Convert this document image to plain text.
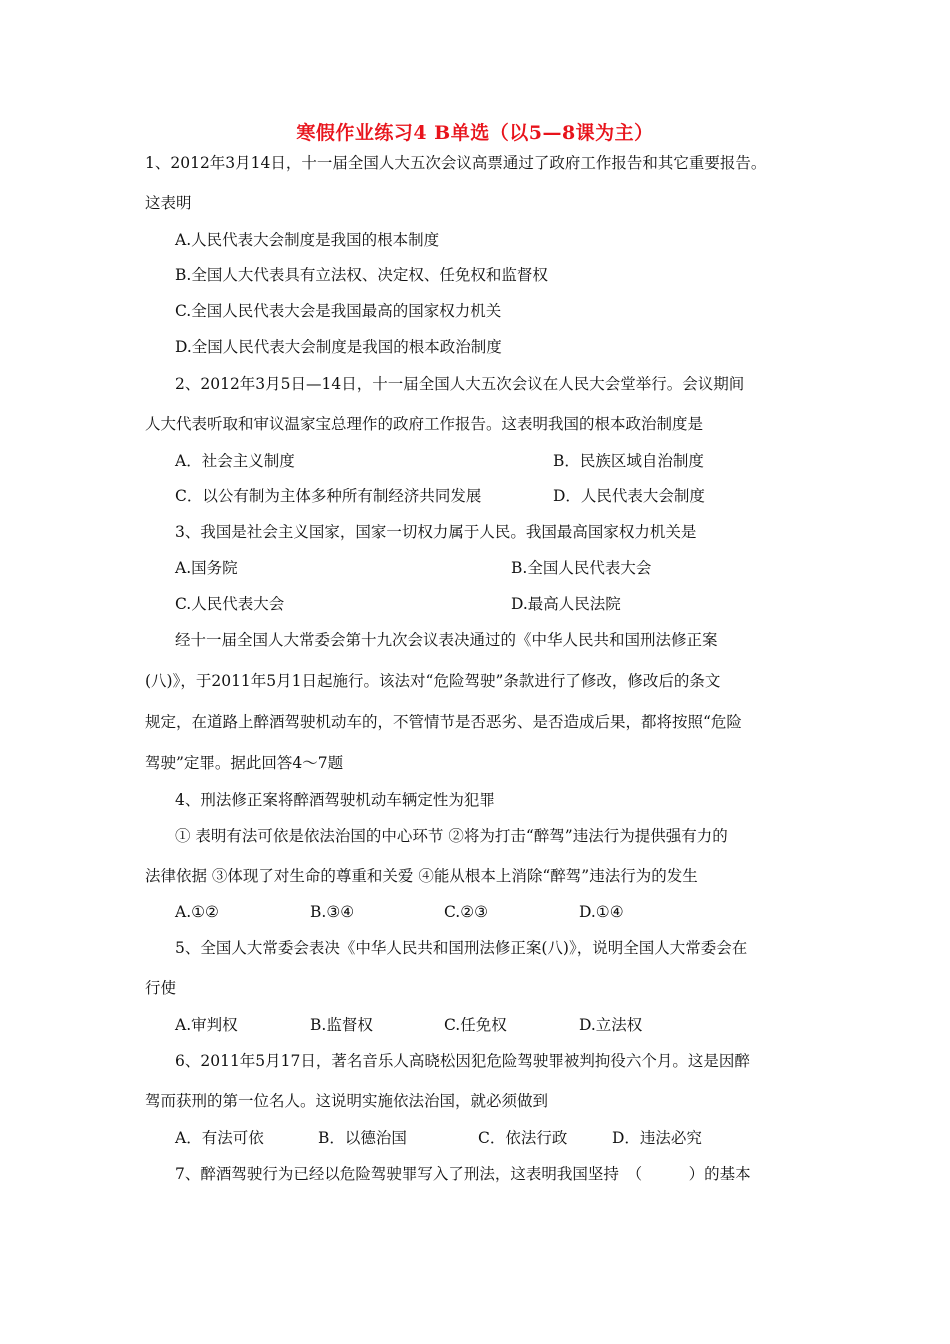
寒假作业练习4 B单选（以5—8课为主）
1、2012年3月14日，十一届全国人大五次会议高票通过了政府工作报告和其它重要报告。
这表明
A.人民代表大会制度是我国的根本制度
B.全国人大代表具有立法权、决定权、任免权和监督权
C.全国人民代表大会是我国最高的国家权力机关
D.全国人民代表大会制度是我国的根本政治制度
2、2012年3月5日—14日，十一届全国人大五次会议在人民大会堂举行。会议期间
人大代表听取和审议温家宝总理作的政府工作报告。这表明我国的根本政治制度是
A．社会主义制度	B．民族区域自治制度
C．以公有制为主体多种所有制经济共同发展	D．人民代表大会制度
3、我国是社会主义国家，国家一切权力属于人民。我国最高国家权力机关是
A.国务院	B.全国人民代表大会
C.人民代表大会	D.最高人民法院
经十一届全国人大常委会第十九次会议表决通过的《中华人民共和国刑法修正案
(八)》，于2011年5月1日起施行。该法对“危险驾驶”条款进行了修改，修改后的条文
规定，在道路上醉酒驾驶机动车的，不管情节是否恶劣、是否造成后果，都将按照“危险
驾驶”定罪。据此回答4～7题
4、刑法修正案将醉酒驾驶机动车辆定性为犯罪
① 表明有法可依是依法治国的中心环节 ②将为打击“醉驾”违法行为提供强有力的
法律依据 ③体现了对生命的尊重和关爱 ④能从根本上消除“醉驾”违法行为的发生
A.①②	B.③④	C.②③	D.①④
5、全国人大常委会表决《中华人民共和国刑法修正案(八)》，说明全国人大常委会在
行使
A.审判权	B.监督权	C.任免权	D.立法权
6、2011年5月17日，著名音乐人高晓松因犯危险驾驶罪被判拘役六个月。这是因醉
驾而获刑的第一位名人。这说明实施依法治国，就必须做到
A．有法可依	B．以德治国	C．依法行政	D．违法必究
7、醉酒驾驶行为已经以危险驾驶罪写入了刑法，这表明我国坚持　（　　　）的基本
